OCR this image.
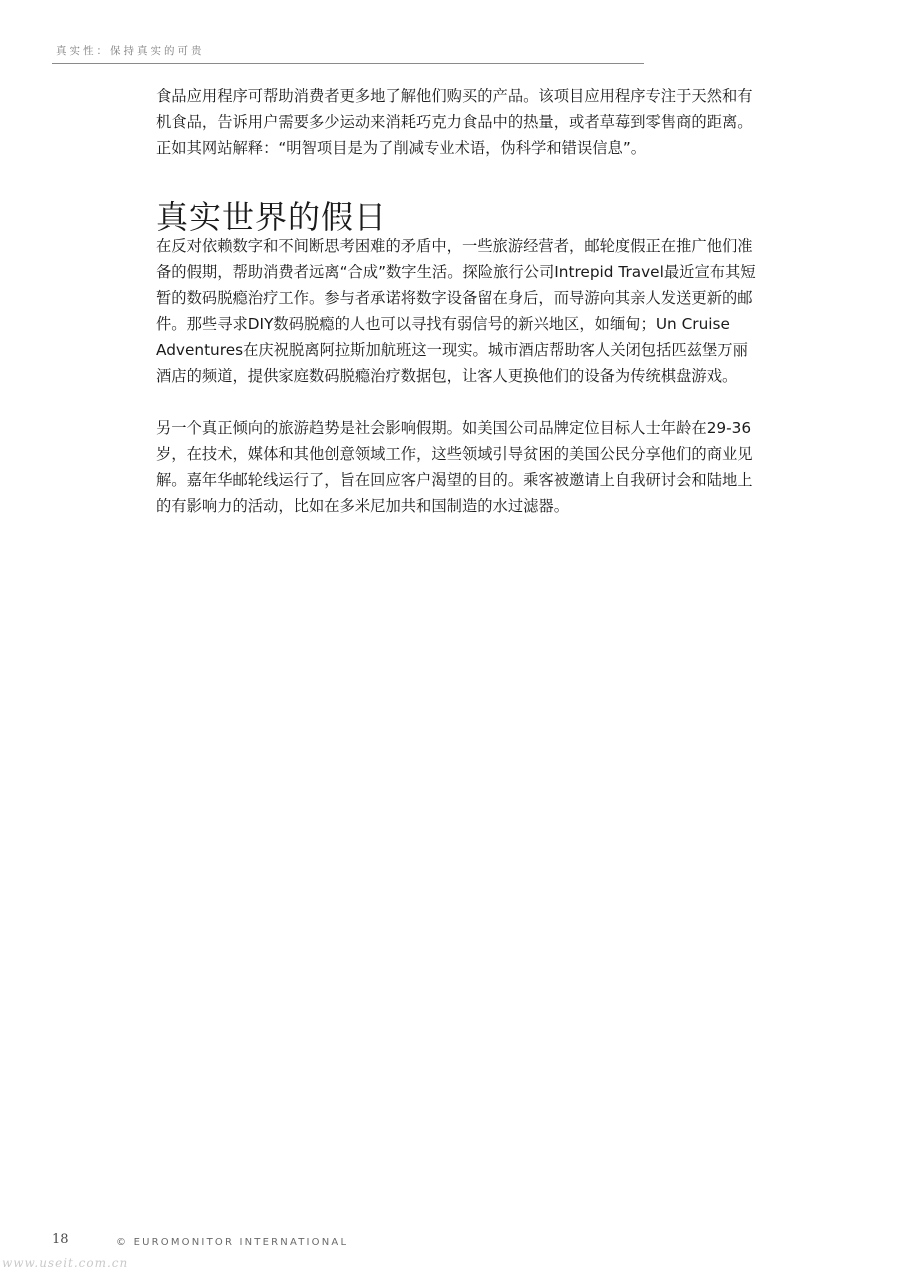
真实性：保持真实的可贵

食品应用程序可帮助消费者更多地了解他们购买的产品。该项目应用程序专注于天然和有机食品，告诉用户需要多少运动来消耗巧克力食品中的热量，或者草莓到零售商的距离。正如其网站解释：“明智项目是为了削减专业术语，伪科学和错误信息”。

真实世界的假日

在反对依赖数字和不间断思考困难的矛盾中，一些旅游经营者，邮轮度假正在推广他们准备的假期，帮助消费者远离“合成”数字生活。探险旅行公司Intrepid Travel最近宣布其短暂的数码脱瘾治疗工作。参与者承诺将数字设备留在身后，而导游向其亲人发送更新的邮件。那些寻求DIY数码脱瘾的人也可以寻找有弱信号的新兴地区，如缅甸；Un Cruise Adventures在庆祝脱离阿拉斯加航班这一现实。城市酒店帮助客人关闭包括匹兹堡万丽酒店的频道，提供家庭数码脱瘾治疗数据包，让客人更换他们的设备为传统棋盘游戏。

另一个真正倾向的旅游趋势是社会影响假期。如美国公司品牌定位目标人士年龄在29-36岁，在技术，媒体和其他创意领域工作，这些领域引导贫困的美国公民分享他们的商业见解。嘉年华邮轮线运行了，旨在回应客户渴望的目的。乘客被邀请上自我研讨会和陆地上的有影响力的活动，比如在多米尼加共和国制造的水过滤器。

18	© EUROMONITOR INTERNATIONAL
www.useit.com.cn
